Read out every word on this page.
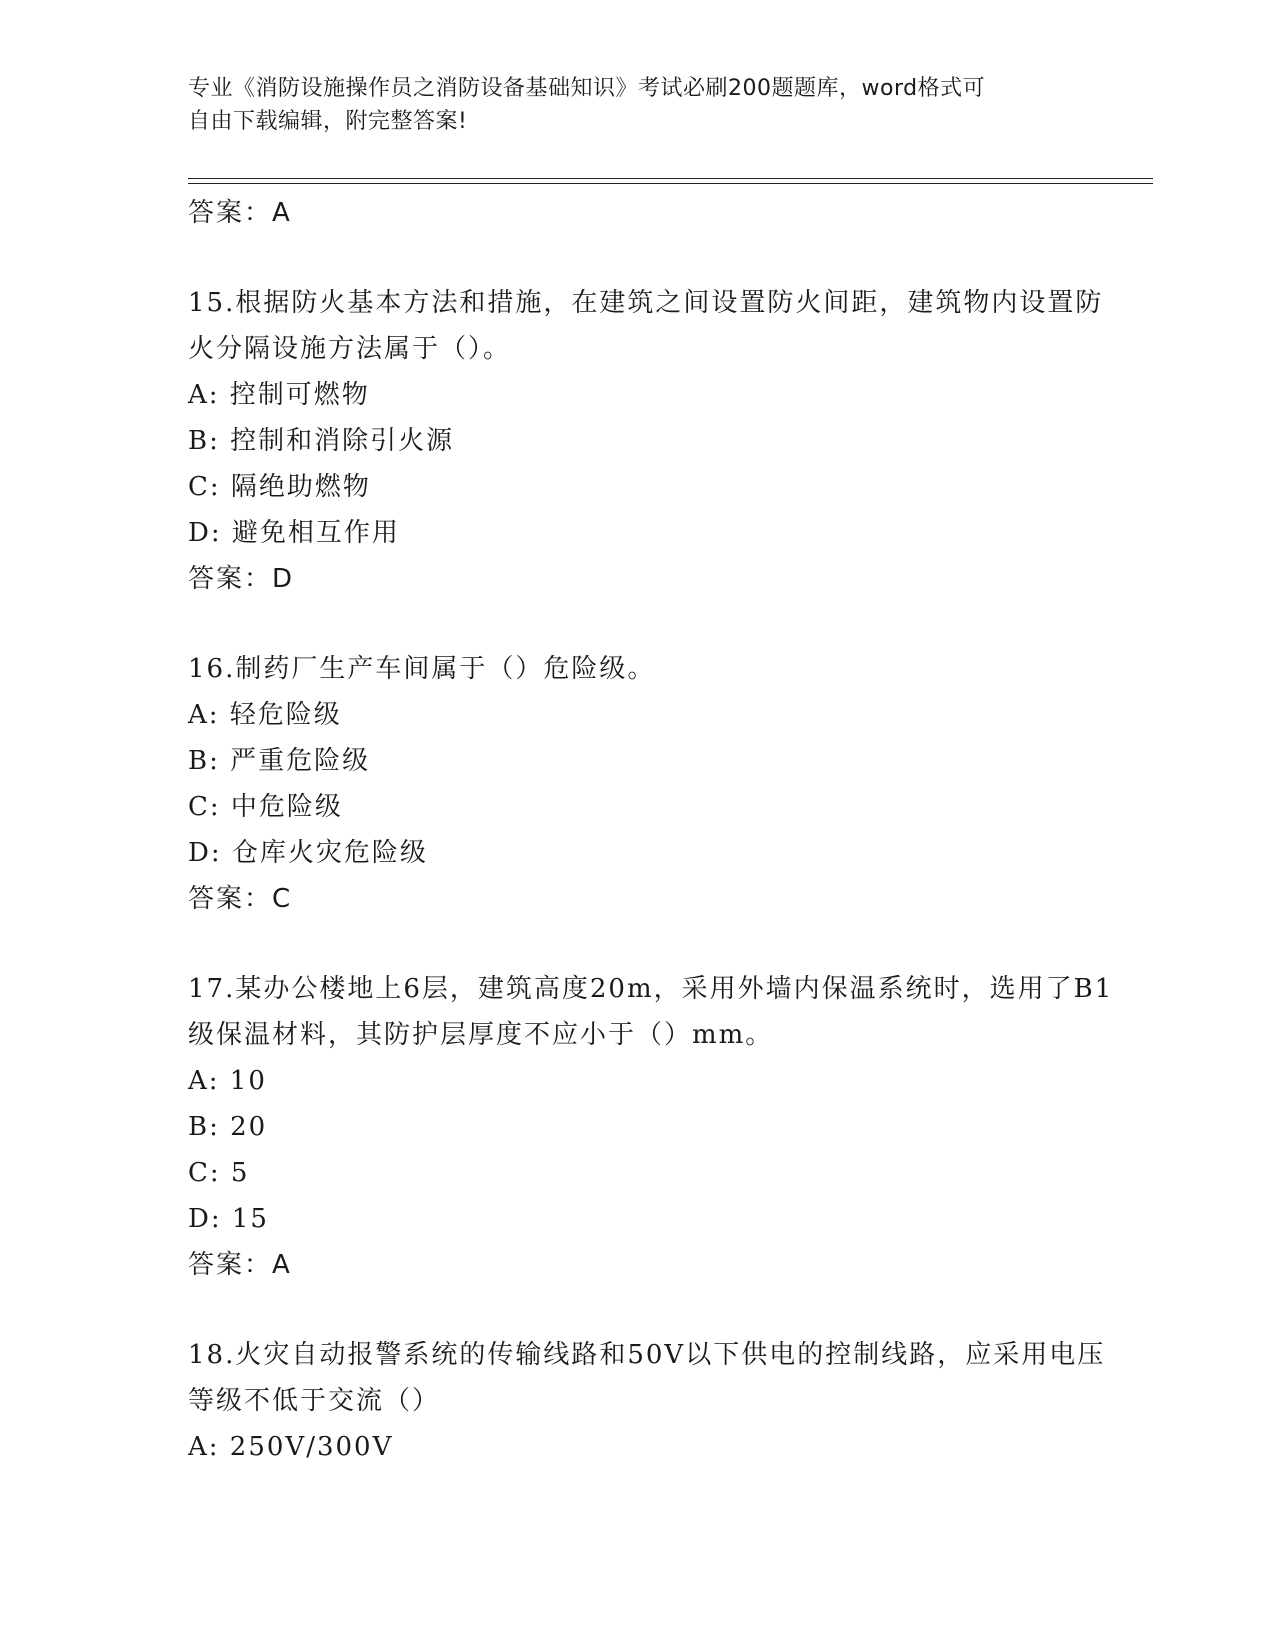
专业《消防设施操作员之消防设备基础知识》考试必刷200题题库，word格式可
自由下载编辑，附完整答案!
答案：A
15.根据防火基本方法和措施，在建筑之间设置防火间距，建筑物内设置防火分隔设施方法属于（）。
A: 控制可燃物
B: 控制和消除引火源
C: 隔绝助燃物
D: 避免相互作用
答案：D
16.制药厂生产车间属于（）危险级。
A: 轻危险级
B: 严重危险级
C: 中危险级
D: 仓库火灾危险级
答案：C
17.某办公楼地上6层，建筑高度20m，采用外墙内保温系统时，选用了B1级保温材料，其防护层厚度不应小于（）mm。
A: 10
B: 20
C: 5
D: 15
答案：A
18.火灾自动报警系统的传输线路和50V以下供电的控制线路，应采用电压等级不低于交流（）
A: 250V/300V
